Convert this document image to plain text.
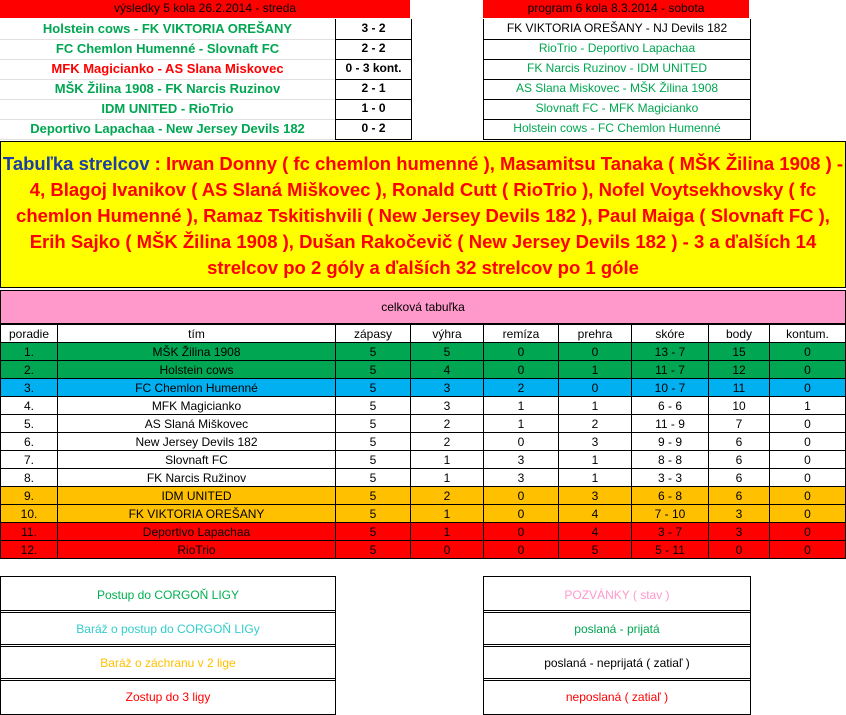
výsledky 5 kola 26.2.2014 - streda
Holstein cows - FK VIKTORIA OREŠANY	3 - 2
FC Chemlon Humenné - Slovnaft FC	2 - 2
MFK Magicianko - AS Slana Miskovec	0 - 3 kont.
MŠK Žilina 1908 - FK Narcis Ruzinov	2 - 1
IDM UNITED - RioTrio	1 - 0
Deportivo Lapachaa - New Jersey Devils 182	0 - 2
program 6 kola 8.3.2014 - sobota
FK VIKTORIA OREŠANY - NJ Devils 182
RioTrio - Deportivo Lapachaa
FK Narcis Ruzinov - IDM UNITED
AS Slana Miskovec - MŠK Žilina 1908
Slovnaft FC - MFK Magicianko
Holstein cows - FC Chemlon Humenné
Tabuľka strelcov : Irwan Donny ( fc chemlon humenné ), Masamitsu Tanaka ( MŠK Žilina 1908 ) - 4, Blagoj Ivanikov ( AS Slaná Miškovec ), Ronald Cutt ( RioTrio ), Nofel Voytsekhovsky ( fc chemlon Humenné ), Ramaz Tskitishvili ( New Jersey Devils 182 ), Paul Maiga ( Slovnaft FC ), Erih Sajko ( MŠK Žilina 1908 ), Dušan Rakočevič ( New Jersey Devils 182 ) - 3 a ďalších 14 strelcov po 2 góly a ďalších 32 strelcov po 1 góle
celková tabuľka
poradie	tím	zápasy	výhra	remíza	prehra	skóre	body	kontum.
1.	MŠK Žilina 1908	5	5	0	0	13 - 7	15	0
2.	Holstein cows	5	4	0	1	11 - 7	12	0
3.	FC Chemlon Humenné	5	3	2	0	10 - 7	11	0
4.	MFK Magicianko	5	3	1	1	6 - 6	10	1
5.	AS Slaná Miškovec	5	2	1	2	11 - 9	7	0
6.	New Jersey Devils 182	5	2	0	3	9 - 9	6	0
7.	Slovnaft FC	5	1	3	1	8 - 8	6	0
8.	FK Narcis Ružinov	5	1	3	1	3 - 3	6	0
9.	IDM UNITED	5	2	0	3	6 - 8	6	0
10.	FK VIKTORIA OREŠANY	5	1	0	4	7 - 10	3	0
11.	Deportivo Lapachaa	5	1	0	4	3 - 7	3	0
12.	RioTrio	5	0	0	5	5 - 11	0	0
Postup do CORGOŇ LIGY
Baráž o postup do CORGOŇ LIGy
Baráž o záchranu v 2 lige
Zostup do 3 ligy
POZVÁNKY ( stav )
poslaná - prijatá
poslaná - neprijatá ( zatiaľ )
neposlaná ( zatiaľ )
